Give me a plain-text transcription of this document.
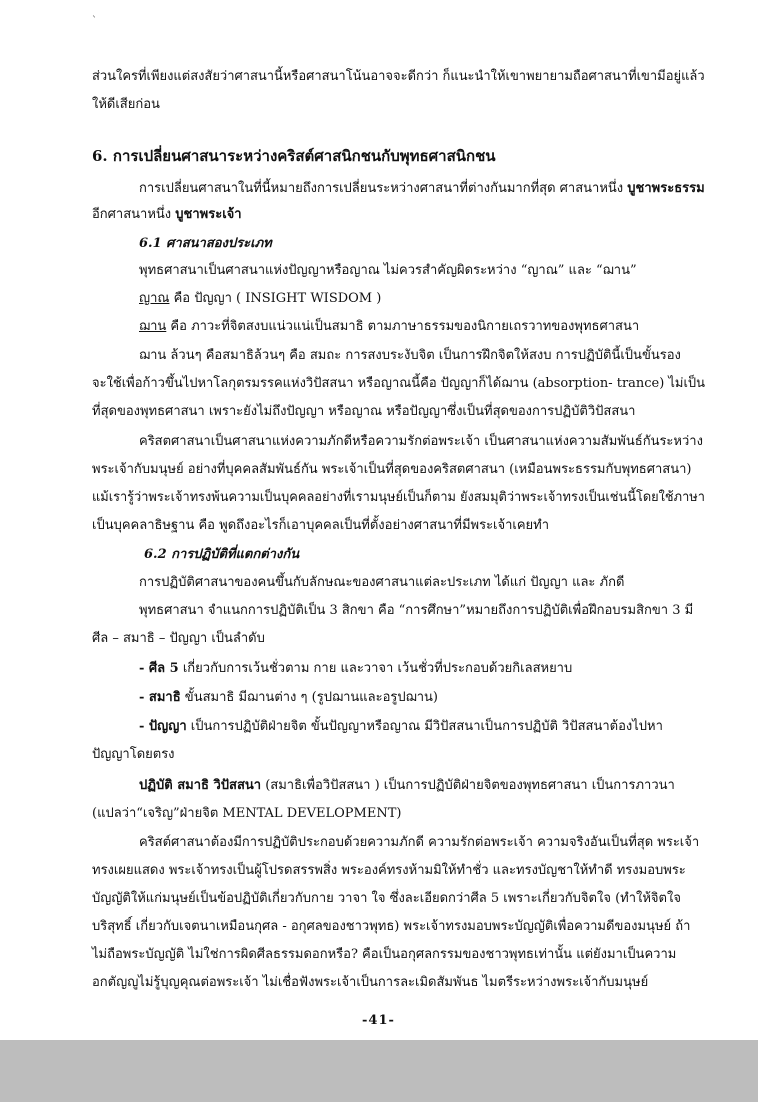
`
ส่วนใครที่เพียงแต่สงสัยว่าศาสนานี้หรือศาสนาโน้นอาจจะดีกว่า ก็แนะนำให้เขาพยายามถือศาสนาที่เขามีอยู่แล้ว
ให้ดีเสียก่อน
6. การเปลี่ยนศาสนาระหว่างคริสต์ศาสนิกชนกับพุทธศาสนิกชน
การเปลี่ยนศาสนาในที่นี้หมายถึงการเปลี่ยนระหว่างศาสนาที่ต่างกันมากที่สุด ศาสนาหนึ่ง บูชาพระธรรม
อีกศาสนาหนึ่ง บูชาพระเจ้า
6.1 ศาสนาสองประเภท
พุทธศาสนาเป็นศาสนาแห่งปัญญาหรือญาณ ไม่ควรสำคัญผิดระหว่าง “ญาณ” และ “ฌาน”
ญาณ คือ ปัญญา ( INSIGHT WISDOM )
ฌาน คือ ภาวะที่จิตสงบแน่วแน่เป็นสมาธิ ตามภาษาธรรมของนิกายเถรวาทของพุทธศาสนา
ฌาน ล้วนๆ คือสมาธิล้วนๆ คือ สมถะ การสงบระงับจิต เป็นการฝึกจิตให้สงบ การปฏิบัตินี้เป็นขั้นรอง
จะใช้เพื่อก้าวขึ้นไปหาโลกุตรมรรคแห่งวิปัสสนา หรือญาณนี้คือ ปัญญาก็ได้ฌาน (absorption- trance) ไม่เป็น
ที่สุดของพุทธศาสนา เพราะยังไม่ถึงปัญญา หรือญาณ หรือปัญญาซึ่งเป็นที่สุดของการปฏิบัติวิปัสสนา
คริสตศาสนาเป็นศาสนาแห่งความภักดีหรือความรักต่อพระเจ้า เป็นศาสนาแห่งความสัมพันธ์กันระหว่าง
พระเจ้ากับมนุษย์ อย่างที่บุคคลสัมพันธ์กัน พระเจ้าเป็นที่สุดของคริสตศาสนา (เหมือนพระธรรมกับพุทธศาสนา)
แม้เรารู้ว่าพระเจ้าทรงพ้นความเป็นบุคคลอย่างที่เรามนุษย์เป็นก็ตาม ยังสมมุติว่าพระเจ้าทรงเป็นเช่นนี้โดยใช้ภาษา
เป็นบุคคลาธิษฐาน คือ พูดถึงอะไรก็เอาบุคคลเป็นที่ตั้งอย่างศาสนาที่มีพระเจ้าเคยทำ
6.2 การปฏิบัติที่แตกต่างกัน
การปฏิบัติศาสนาของคนขึ้นกับลักษณะของศาสนาแต่ละประเภท ได้แก่ ปัญญา และ ภักดี
พุทธศาสนา จำแนกการปฏิบัติเป็น 3 สิกขา คือ “การศึกษา”หมายถึงการปฏิบัติเพื่อฝึกอบรมสิกขา 3 มี
ศีล – สมาธิ – ปัญญา เป็นลำดับ
- ศีล 5 เกี่ยวกับการเว้นชั่วตาม กาย และวาจา เว้นชั่วที่ประกอบด้วยกิเลสหยาบ
- สมาธิ ขั้นสมาธิ มีฌานต่าง ๆ (รูปฌานและอรูปฌาน)
- ปัญญา เป็นการปฏิบัติฝ่ายจิต ขั้นปัญญาหรือญาณ มีวิปัสสนาเป็นการปฏิบัติ วิปัสสนาต้องไปหา
ปัญญาโดยตรง
ปฏิบัติ สมาธิ วิปัสสนา (สมาธิเพื่อวิปัสสนา ) เป็นการปฏิบัติฝ่ายจิตของพุทธศาสนา เป็นการภาวนา
(แปลว่า“เจริญ”ฝ่ายจิต MENTAL DEVELOPMENT)
คริสต์ศาสนาต้องมีการปฏิบัติประกอบด้วยความภักดี ความรักต่อพระเจ้า ความจริงอันเป็นที่สุด พระเจ้า
ทรงเผยแสดง พระเจ้าทรงเป็นผู้โปรดสรรพสิ่ง พระองค์ทรงห้ามมิให้ทำชั่ว และทรงบัญชาให้ทำดี ทรงมอบพระ
บัญญัติให้แก่มนุษย์เป็นข้อปฏิบัติเกี่ยวกับกาย วาจา ใจ ซึ่งละเอียดกว่าศีล 5 เพราะเกี่ยวกับจิตใจ (ทำให้จิตใจ
บริสุทธิ์ เกี่ยวกับเจตนาเหมือนกุศล - อกุศลของชาวพุทธ) พระเจ้าทรงมอบพระบัญญัติเพื่อความดีของมนุษย์ ถ้า
ไม่ถือพระบัญญัติ ไม่ใช่การผิดศีลธรรมดอกหรือ? คือเป็นอกุศลกรรมของชาวพุทธเท่านั้น แต่ยังมาเป็นความ
อกตัญญูไม่รู้บุญคุณต่อพระเจ้า ไม่เชื่อฟังพระเจ้าเป็นการละเมิดสัมพันธ ไมตรีระหว่างพระเจ้ากับมนุษย์
-41-
